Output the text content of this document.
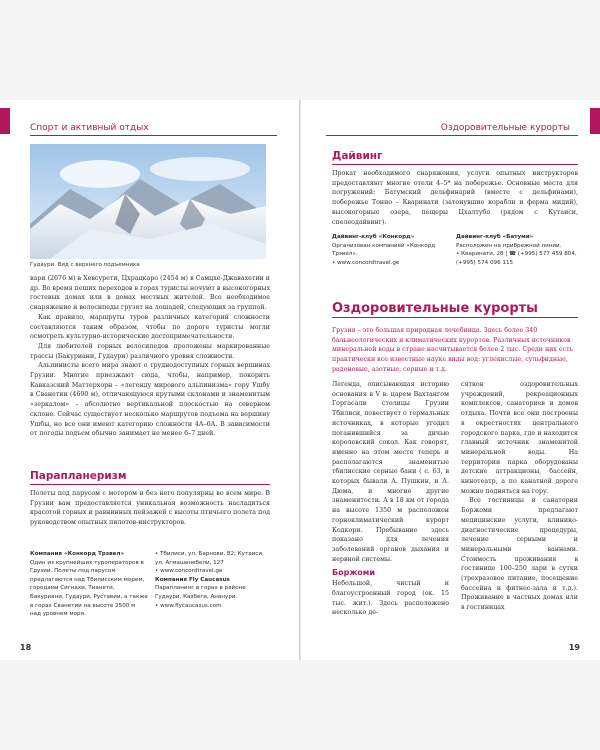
Спорт и активный отдых	Оздоровительные курорты
Гудаури. Вид с верхнего подъемника

вари (2676 м) в Хевсурети, Цхрацкаро (2454 м) в Самцхе-Джавахетии и др. Во время пеших переходов в горах туристы ночуют в высокогорных гостевых домах или в домах местных жителей. Все необходимое снаряжение и велосипеды грузят на лошадей, следующих за группой.

Как правило, маршруты туров различных категорий сложности составляются таким образом, чтобы по дороге туристы могли осмотреть культурно-исторические достопримечательности.

Для любителей горных велосипедов проложены маркированные трассы (Бакуриани, Гудаури) различного уровня сложности.

Альпинисты всего мира знают о труднодоступных горных вершинах Грузии. Многие приезжают сюда, чтобы, например, покорить Кавказский Маттерхорн – «легенду мирового альпинизма» гору Ушбу в Сванетии (4690 м), отличающуюся крутыми склонами и знаменитым «зеркалом» – абсолютно вертикальной плоскостью на северном склоне. Сейчас существует несколько маршрутов подъема на вершину Ушбы, но все они имеют категорию сложности 4А–6А. В зависимости от погоды подъем обычно занимает не менее 6–7 дней.

Парапланеризм

Полеты под парусом с мотором и без него популярны во всем мире. В Грузии вам предоставляется уникальная возможность насладиться красотой горных и равнинных пейзажей с высоты птичьего полета под руководством опытных пилотов-инструкторов.

Компания «Конкорд Трэвел»
Один из крупнейших туроператоров в Грузии. Полеты под парусом предлагаются над Тбилисским морем, городами Сигнахи, Тианети, Бакуриани, Гудаури, Руставии, а также в горах Сванетии на высоте 2500 м над уровнем моря.
• Тбилиси, ул. Барнови, 82; Кутаиси, ул. Агмашенебели, 127
• www.concordtravel.ge
Компания Fly Caucasus
Парапланинг в горах в районе Гудаури, Казбеги, Ананури.
• www.flycaucasus.com
18
Дайвинг

Прокат необходимого снаряжения, услуги опытных инструкторов предоставляют многие отели 4–5* на побережье. Основные места для погружений: Батумский дельфинарий (вместе с дельфинами), побережье Тонио – Кваринати (затонувшие корабли и ферма мидий), высокогорные озера, пещеры Цхалтубо (рядом с Кутаиси, спелеодайвинг).

Дайвинг-клуб «Конкорд»
Организован компанией «Конкорд Трэвел».
• www.concordtravel.ge
Дайвинг-клуб «Батуми»
Расположен на прибрежной линии.
• Кваринати, 28 | ☎ (+995) 577 459 804, (+995) 574 096 115
Оздоровительные курорты

Грузия – это большая природная лечебница. Здесь более 340 бальнеологических и климатических курортов. Различных источников минеральной воды в стране насчитывается более 2 тыс. Среди них есть практически все известные науке виды вод: углекислые, сульфидные, радоновые, азотные, серные и т.д.

Легенда, описывающая историю основания в V в. царем Вахтангом Горгасали столицы Грузии Тбилиси, повествует о термальных источниках, в которые угодил поганившийся за дичью королевский сокол. Как говорят, именно на этом месте теперь и располагаются знаменитые тбилисские серные бани ( с. 63, в которых бывали А. Пушкин, и А. Дюма, и многие другие знаменитости. А в 18 км от города на высоте 1350 м расположен горноклиматический курорт Кодкори. Пребывание здесь показано для лечения заболеваний органов дыхания и нервной системы.

Боржоми

Небольшой, чистый и благоустроенный город (ок. 15 тыс. жит.). Здесь расположено несколько де-

сятков оздоровительных учреждений, рекреационных комплексов, санаториев и домов отдыха. Почти все они построены в окрестностях центрального городского парка, где и находится главный источник знаменитой минеральной воды. На территории парка оборудованы детские аттракционы, бассейн, кинотеатр, а по канатной дороге можно подняться на гору.

Все гостиницы и санатории Боржоми предлагают медицинские услуги, клинико-диагностические процедуры, лечение серными и минеральными ваннами. Стоимость проживания в гостинице 100–250 лари в сутки (трехразовое питание, посещение бассейна и фитнес-зала и т.д.). Проживание в частных домах или в гостиницах

19
